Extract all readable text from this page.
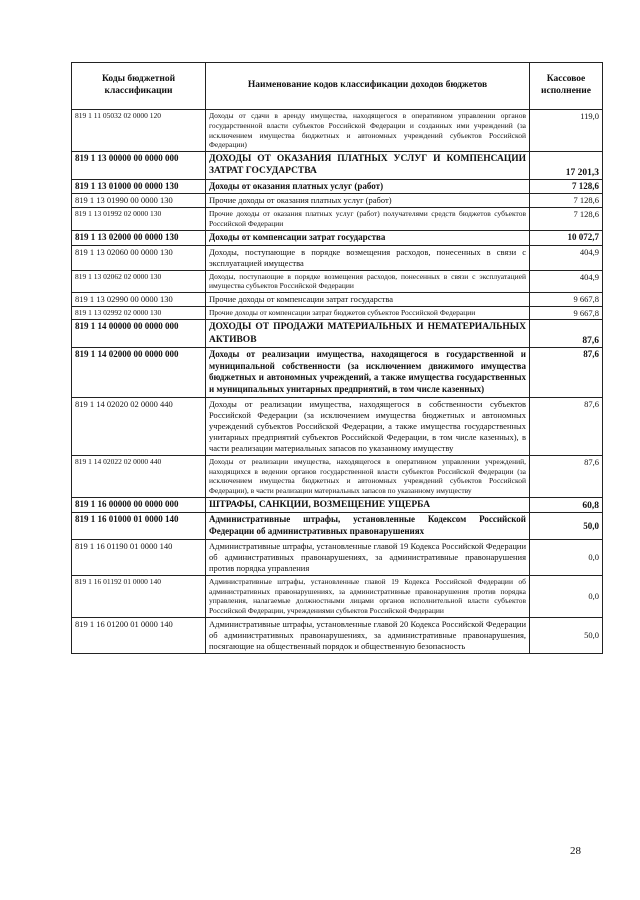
Коды бюджетной классификации	Наименование кодов классификации доходов бюджетов	Кассовое исполнение
819 1 11 05032 02 0000 120	Доходы от сдачи в аренду имущества, находящегося в оперативном управлении органов государственной власти субъектов Российской Федерации и созданных ими учреждений (за исключением имущества бюджетных и автономных учреждений субъектов Российской Федерации)	119,0
819 1 13 00000 00 0000 000	ДОХОДЫ ОТ ОКАЗАНИЯ ПЛАТНЫХ УСЛУГ И КОМПЕНСАЦИИ ЗАТРАТ ГОСУДАРСТВА	17 201,3
819 1 13 01000 00 0000 130	Доходы от оказания платных услуг (работ)	7 128,6
819 1 13 01990 00 0000 130	Прочие доходы от оказания платных услуг (работ)	7 128,6
819 1 13 01992 02 0000 130	Прочие доходы от оказания платных услуг (работ) получателями средств бюджетов субъектов Российской Федерации	7 128,6
819 1 13 02000 00 0000 130	Доходы от компенсации затрат государства	10 072,7
819 1 13 02060 00 0000 130	Доходы, поступающие в порядке возмещения расходов, понесенных в связи с эксплуатацией имущества	404,9
819 1 13 02062 02 0000 130	Доходы, поступающие в порядке возмещения расходов, понесенных в связи с эксплуатацией имущества субъектов Российской Федерации	404,9
819 1 13 02990 00 0000 130	Прочие доходы от компенсации затрат государства	9 667,8
819 1 13 02992 02 0000 130	Прочие доходы от компенсации затрат бюджетов субъектов Российской Федерации	9 667,8
819 1 14 00000 00 0000 000	ДОХОДЫ ОТ ПРОДАЖИ МАТЕРИАЛЬНЫХ И НЕМАТЕРИАЛЬНЫХ АКТИВОВ	87,6
819 1 14 02000 00 0000 000	Доходы от реализации имущества, находящегося в государственной и муниципальной собственности (за исключением движимого имущества бюджетных и автономных учреждений, а также имущества государственных и муниципальных унитарных предприятий, в том числе казенных)	87,6
819 1 14 02020 02 0000 440	Доходы от реализации имущества, находящегося в собственности субъектов Российской Федерации (за исключением имущества бюджетных и автономных учреждений субъектов Российской Федерации, а также имущества государственных унитарных предприятий субъектов Российской Федерации, в том числе казенных), в части реализации материальных запасов по указанному имуществу	87,6
819 1 14 02022 02 0000 440	Доходы от реализации имущества, находящегося в оперативном управлении учреждений, находящихся в ведении органов государственной власти субъектов Российской Федерации (за исключением имущества бюджетных и автономных учреждений субъектов Российской Федерации), в части реализации материальных запасов по указанному имуществу	87,6
819 1 16 00000 00 0000 000	ШТРАФЫ, САНКЦИИ, ВОЗМЕЩЕНИЕ УЩЕРБА	60,8
819 1 16 01000 01 0000 140	Административные штрафы, установленные Кодексом Российской Федерации об административных правонарушениях	50,0
819 1 16 01190 01 0000 140	Административные штрафы, установленные главой 19 Кодекса Российской Федерации об административных правонарушениях, за административные правонарушения против порядка управления	0,0
819 1 16 01192 01 0000 140	Административные штрафы, установленные главой 19 Кодекса Российской Федерации об административных правонарушениях, за административные правонарушения против порядка управления, налагаемые должностными лицами органов исполнительной власти субъектов Российской Федерации, учреждениями субъектов Российской Федерации	0,0
819 1 16 01200 01 0000 140	Административные штрафы, установленные главой 20 Кодекса Российской Федерации об административных правонарушениях, за административные правонарушения, посягающие на общественный порядок и общественную безопасность	50,0
28
